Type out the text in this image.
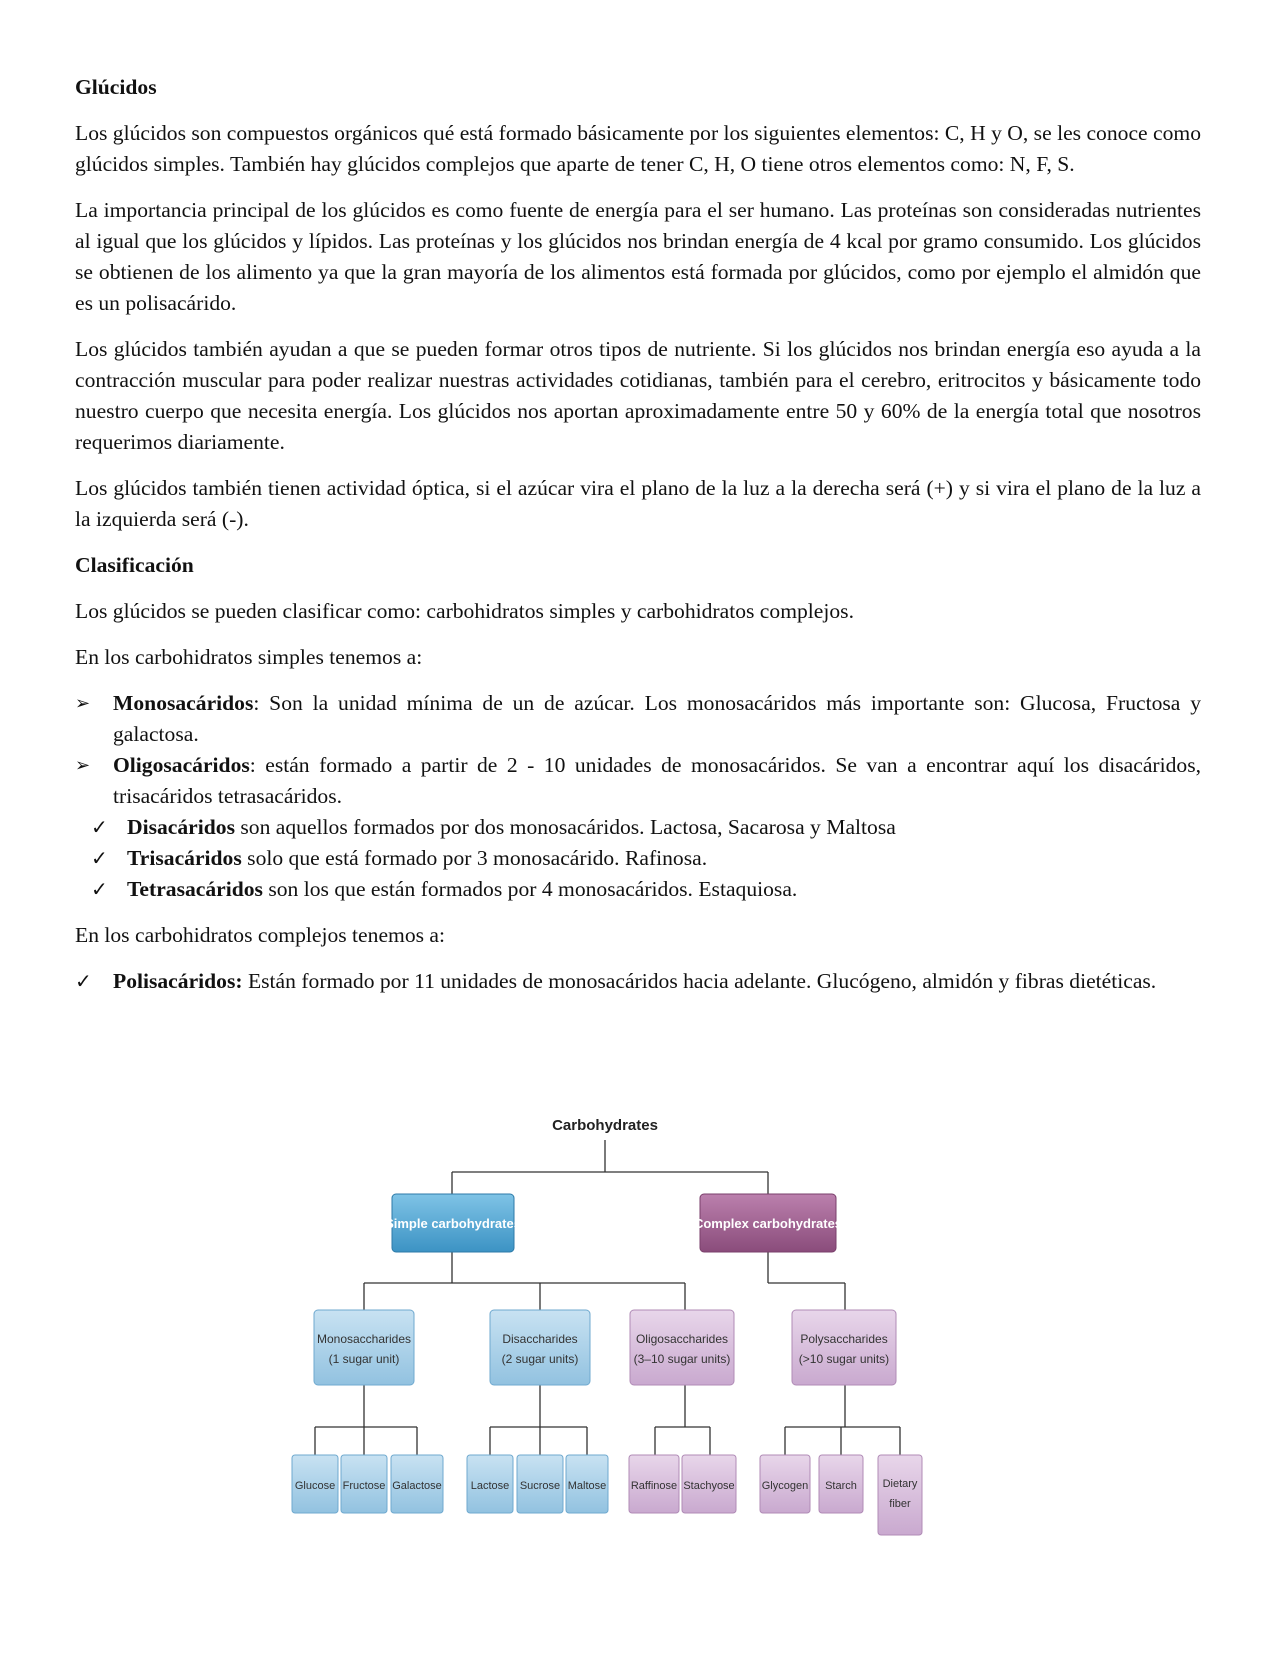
Glúcidos

Los glúcidos son compuestos orgánicos qué está formado básicamente por los siguientes elementos: C, H y O, se les conoce como glúcidos simples. También hay glúcidos complejos que aparte de tener C, H, O tiene otros elementos como: N, F, S.

La importancia principal de los glúcidos es como fuente de energía para el ser humano. Las proteínas son consideradas nutrientes al igual que los glúcidos y lípidos. Las proteínas y los glúcidos nos brindan energía de 4 kcal por gramo consumido. Los glúcidos se obtienen de los alimento ya que la gran mayoría de los alimentos está formada por glúcidos, como por ejemplo el almidón que es un polisacárido.

Los glúcidos también ayudan a que se pueden formar otros tipos de nutriente. Si los glúcidos nos brindan energía eso ayuda a la contracción muscular para poder realizar nuestras actividades cotidianas, también para el cerebro, eritrocitos y básicamente todo nuestro cuerpo que necesita energía. Los glúcidos nos aportan aproximadamente entre 50 y 60% de la energía total que nosotros requerimos diariamente.

Los glúcidos también tienen actividad óptica, si el azúcar vira el plano de la luz a la derecha será (+) y si vira el plano de la luz a la izquierda será (-).

Clasificación

Los glúcidos se pueden clasificar como: carbohidratos simples y carbohidratos complejos.

En los carbohidratos simples tenemos a:

➢	Monosacáridos: Son la unidad mínima de un de azúcar. Los monosacáridos más importante son: Glucosa, Fructosa y galactosa.
➢	Oligosacáridos: están formado a partir de 2 - 10 unidades de monosacáridos. Se van a encontrar aquí los disacáridos, trisacáridos tetrasacáridos.
✓ Disacáridos son aquellos formados por dos monosacáridos. Lactosa, Sacarosa y Maltosa
✓ Trisacáridos solo que está formado por 3 monosacárido. Rafinosa.
✓ Tetrasacáridos son los que están formados por 4 monosacáridos. Estaquiosa.

En los carbohidratos complejos tenemos a:

✓ Polisacáridos: Están formado por 11 unidades de monosacáridos hacia adelante. Glucógeno, almidón y fibras dietéticas.
Carbohydrates
Simple carbohydrates	Complex carbohydrates
Monosaccharides
(1 sugar unit)
Disaccharides
(2 sugar units)
Oligosaccharides
(3–10 sugar units)
Polysaccharides
(>10 sugar units)
Glucose Fructose Galactose	Lactose Sucrose Maltose Raffinose Stachyose Glycogen Starch Dietary
fiber
